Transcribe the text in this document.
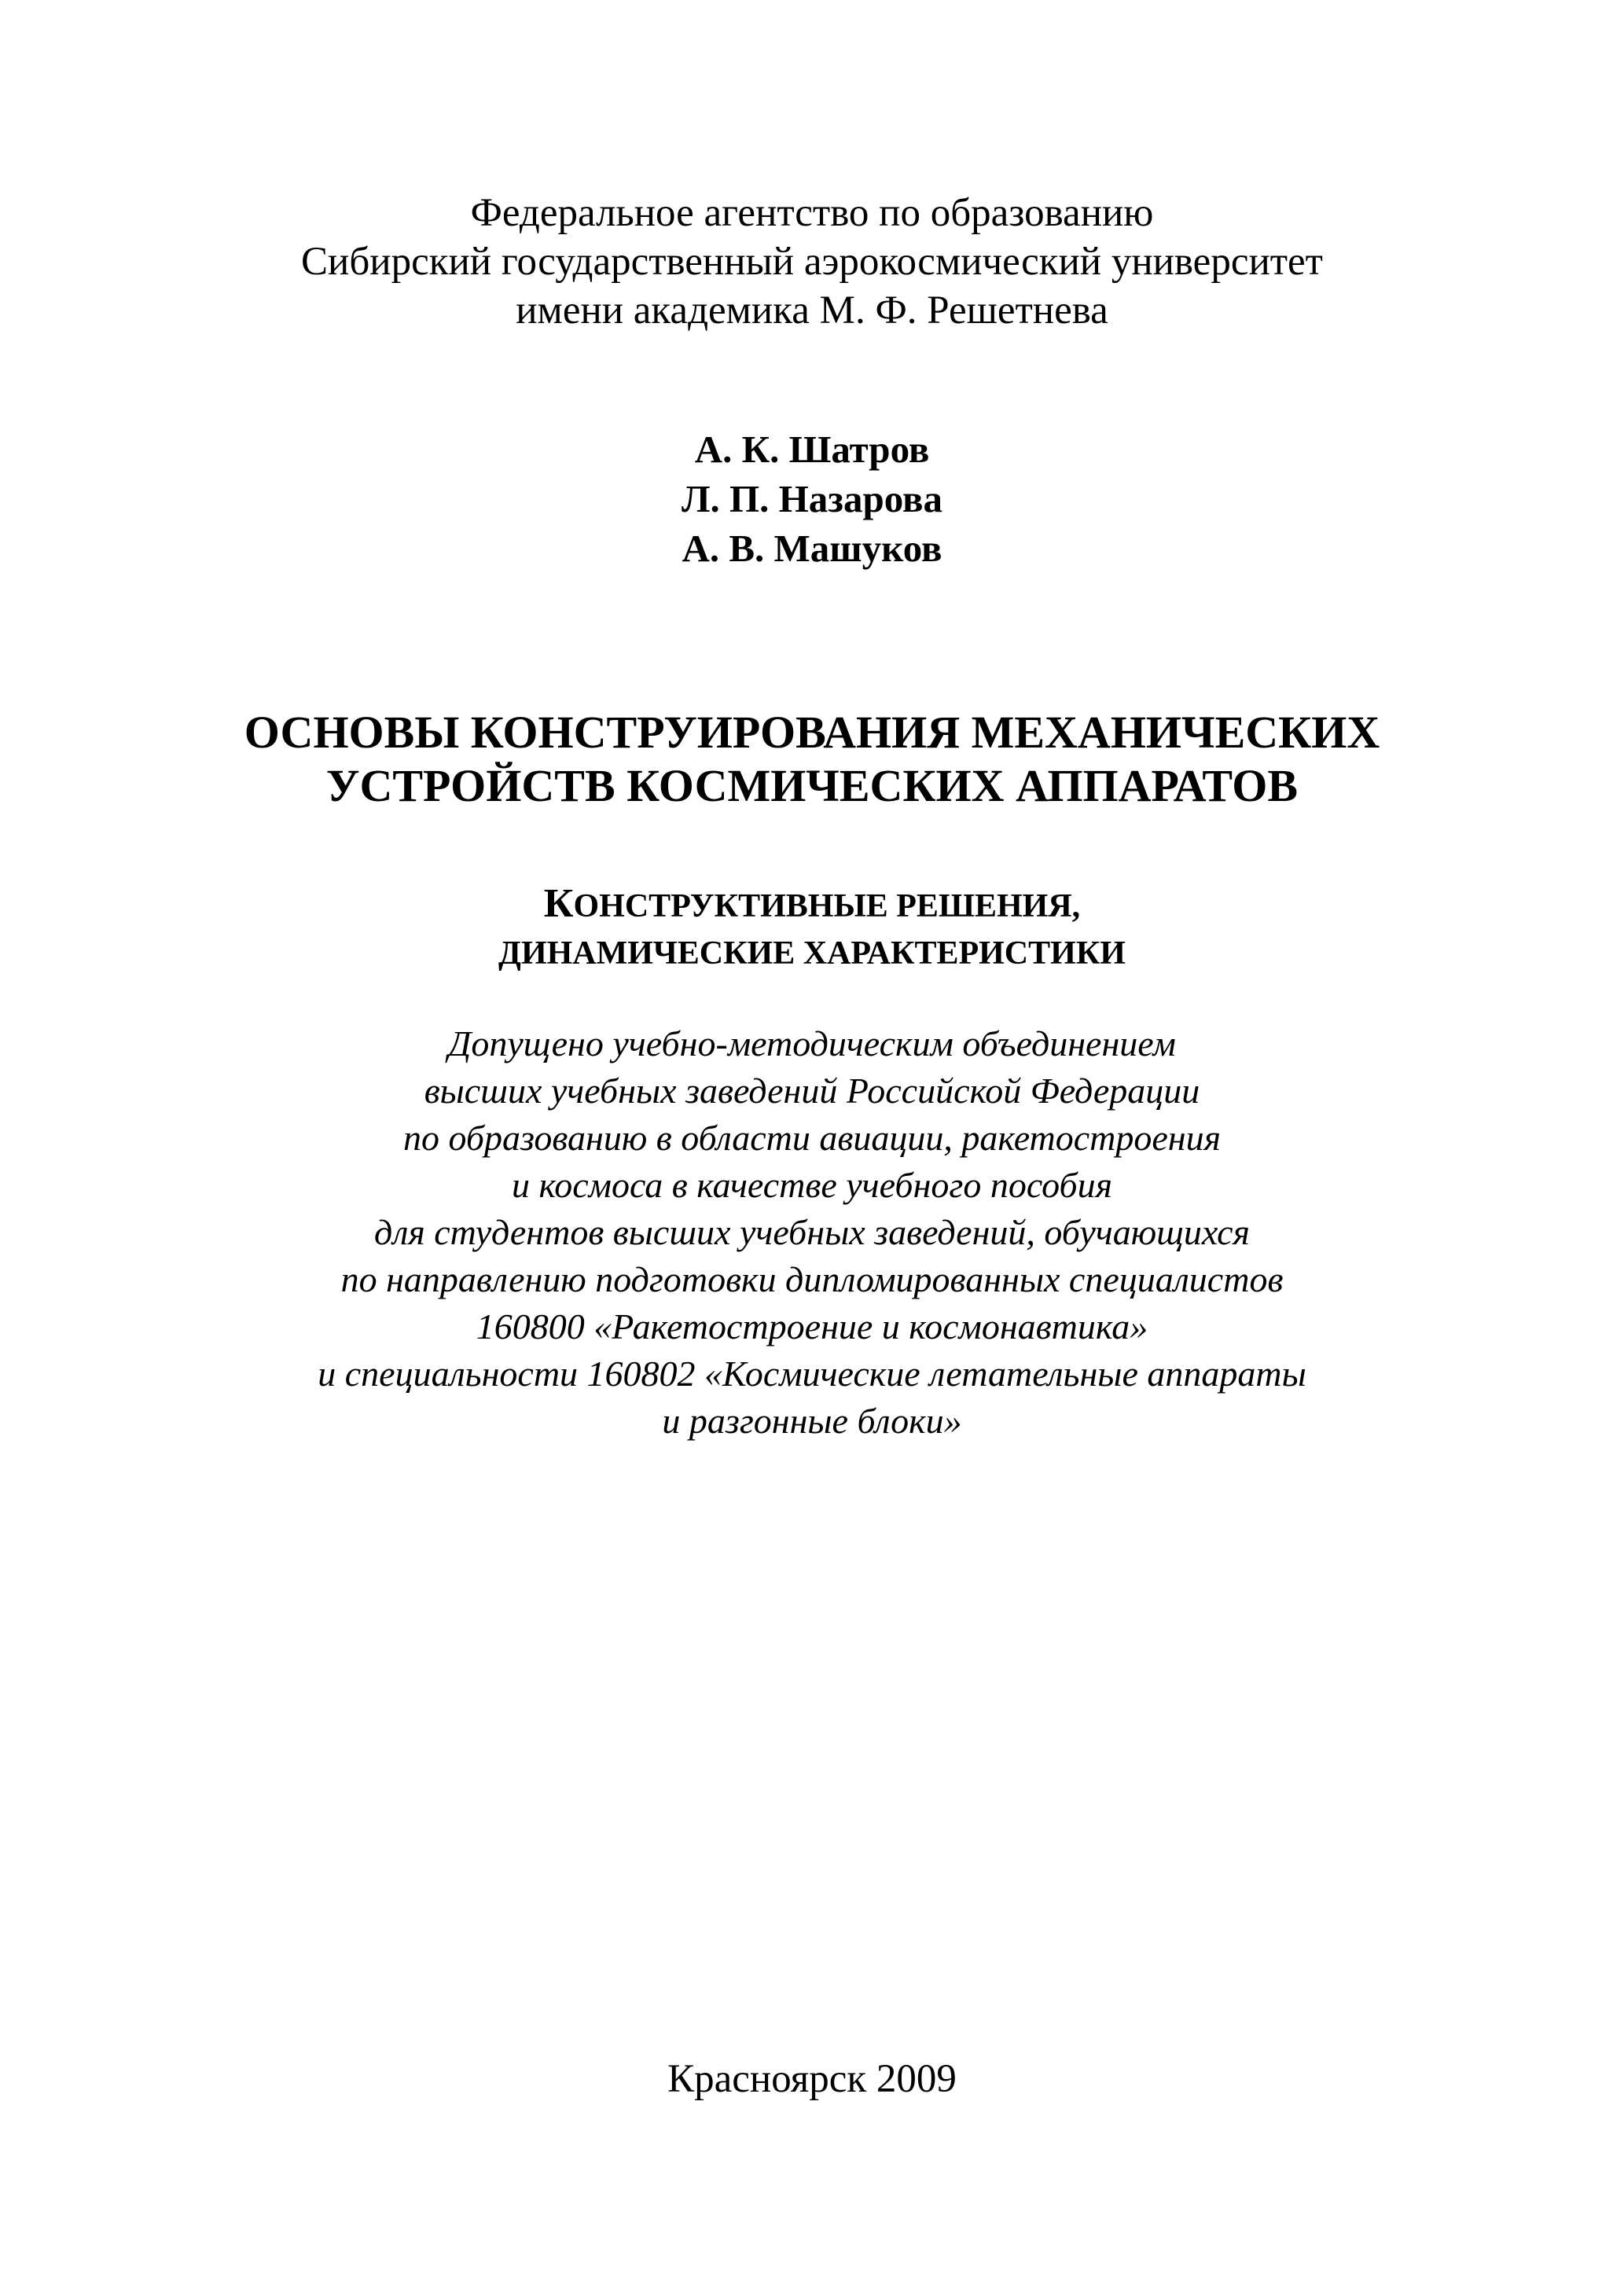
Федеральное агентство по образованию
Сибирский государственный аэрокосмический университет
имени академика М. Ф. Решетнева
А. К. Шатров
Л. П. Назарова
А. В. Машуков
ОСНОВЫ КОНСТРУИРОВАНИЯ МЕХАНИЧЕСКИХ
УСТРОЙСТВ КОСМИЧЕСКИХ АППАРАТОВ
КОНСТРУКТИВНЫЕ РЕШЕНИЯ,
ДИНАМИЧЕСКИЕ ХАРАКТЕРИСТИКИ
Допущено учебно-методическим объединением
высших учебных заведений Российской Федерации
по образованию в области авиации, ракетостроения
и космоса в качестве учебного пособия
для студентов высших учебных заведений, обучающихся
по направлению подготовки дипломированных специалистов
160800 «Ракетостроение и космонавтика»
и специальности 160802 «Космические летательные аппараты
и разгонные блоки»
Красноярск 2009
